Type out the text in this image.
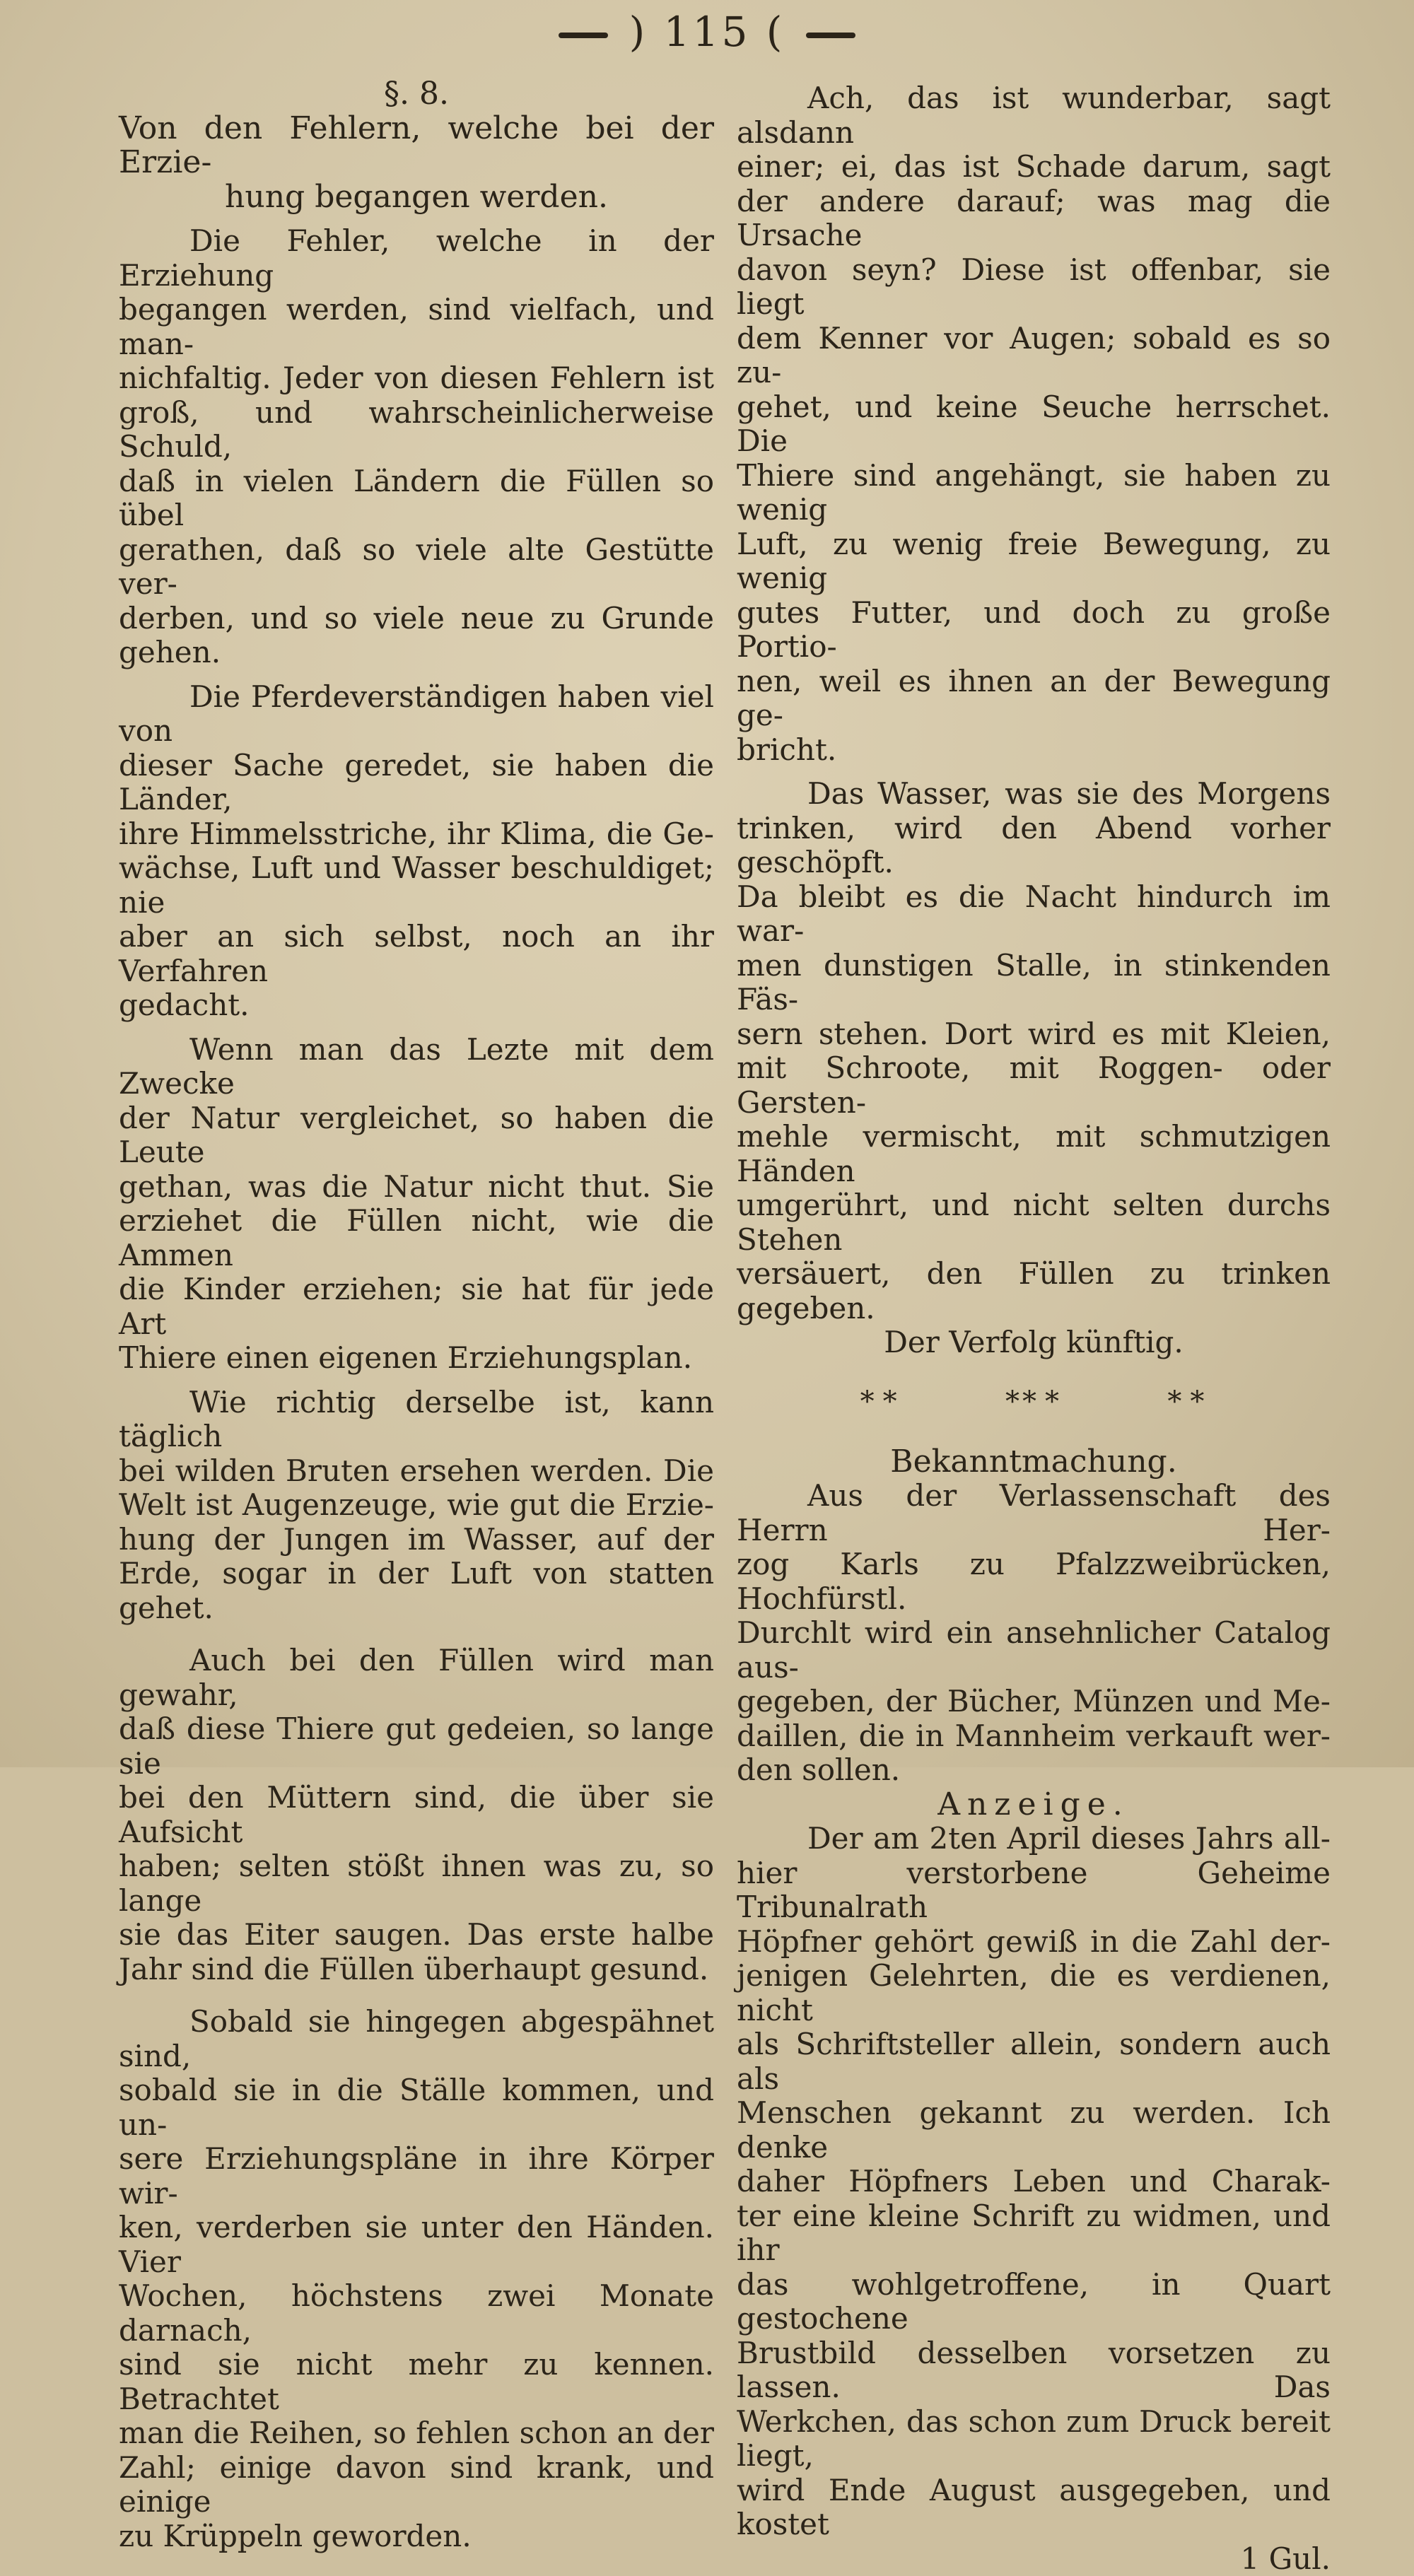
) 115 (

§. 8.

Von den Fehlern, welche bei der Erzie-

hung begangen werden.

Die Fehler, welche in der Erziehung

begangen werden, sind vielfach, und man-

nichfaltig. Jeder von diesen Fehlern ist

groß, und wahrscheinlicherweise Schuld,

daß in vielen Ländern die Füllen so übel

gerathen, daß so viele alte Gestütte ver-

derben, und so viele neue zu Grunde gehen.

Die Pferdeverständigen haben viel von

dieser Sache geredet, sie haben die Länder,

ihre Himmelsstriche, ihr Klima, die Ge-

wächse, Luft und Wasser beschuldiget; nie

aber an sich selbst, noch an ihr Verfahren

gedacht.

Wenn man das Lezte mit dem Zwecke

der Natur vergleichet, so haben die Leute

gethan, was die Natur nicht thut. Sie

erziehet die Füllen nicht, wie die Ammen

die Kinder erziehen; sie hat für jede Art

Thiere einen eigenen Erziehungsplan.

Wie richtig derselbe ist, kann täglich

bei wilden Bruten ersehen werden. Die

Welt ist Augenzeuge, wie gut die Erzie-

hung der Jungen im Wasser, auf der

Erde, sogar in der Luft von statten gehet.

Auch bei den Füllen wird man gewahr,

daß diese Thiere gut gedeien, so lange sie

bei den Müttern sind, die über sie Aufsicht

haben; selten stößt ihnen was zu, so lange

sie das Eiter saugen. Das erste halbe

Jahr sind die Füllen überhaupt gesund.

Sobald sie hingegen abgespähnet sind,

sobald sie in die Ställe kommen, und un-

sere Erziehungspläne in ihre Körper wir-

ken, verderben sie unter den Händen. Vier

Wochen, höchstens zwei Monate darnach,

sind sie nicht mehr zu kennen. Betrachtet

man die Reihen, so fehlen schon an der

Zahl; einige davon sind krank, und einige

zu Krüppeln geworden.

Ach, das ist wunderbar, sagt alsdann

einer; ei, das ist Schade darum, sagt

der andere darauf; was mag die Ursache

davon seyn? Diese ist offenbar, sie liegt

dem Kenner vor Augen; sobald es so zu-

gehet, und keine Seuche herrschet. Die

Thiere sind angehängt, sie haben zu wenig

Luft, zu wenig freie Bewegung, zu wenig

gutes Futter, und doch zu große Portio-

nen, weil es ihnen an der Bewegung ge-

bricht.

Das Wasser, was sie des Morgens

trinken, wird den Abend vorher geschöpft.

Da bleibt es die Nacht hindurch im war-

men dunstigen Stalle, in stinkenden Fäs-

sern stehen. Dort wird es mit Kleien,

mit Schroote, mit Roggen- oder Gersten-

mehle vermischt, mit schmutzigen Händen

umgerührt, und nicht selten durchs Stehen

versäuert, den Füllen zu trinken gegeben.

Der Verfolg künftig.

* *	** *	* *

Bekanntmachung.

Aus der Verlassenschaft des Herrn Her-

zog Karls zu Pfalzzweibrücken, Hochfürstl.

Durchlt wird ein ansehnlicher Catalog aus-

gegeben, der Bücher, Münzen und Me-

daillen, die in Mannheim verkauft wer-

den sollen.

Anzeige.

Der am 2ten April dieses Jahrs all-

hier verstorbene Geheime Tribunalrath

Höpfner gehört gewiß in die Zahl der-

jenigen Gelehrten, die es verdienen, nicht

als Schriftsteller allein, sondern auch als

Menschen gekannt zu werden. Ich denke

daher Höpfners Leben und Charak-

ter eine kleine Schrift zu widmen, und ihr

das wohlgetroffene, in Quart gestochene

Brustbild desselben vorsetzen zu lassen. Das

Werkchen, das schon zum Druck bereit liegt,

wird Ende August ausgegeben, und kostet

1 Gul.
